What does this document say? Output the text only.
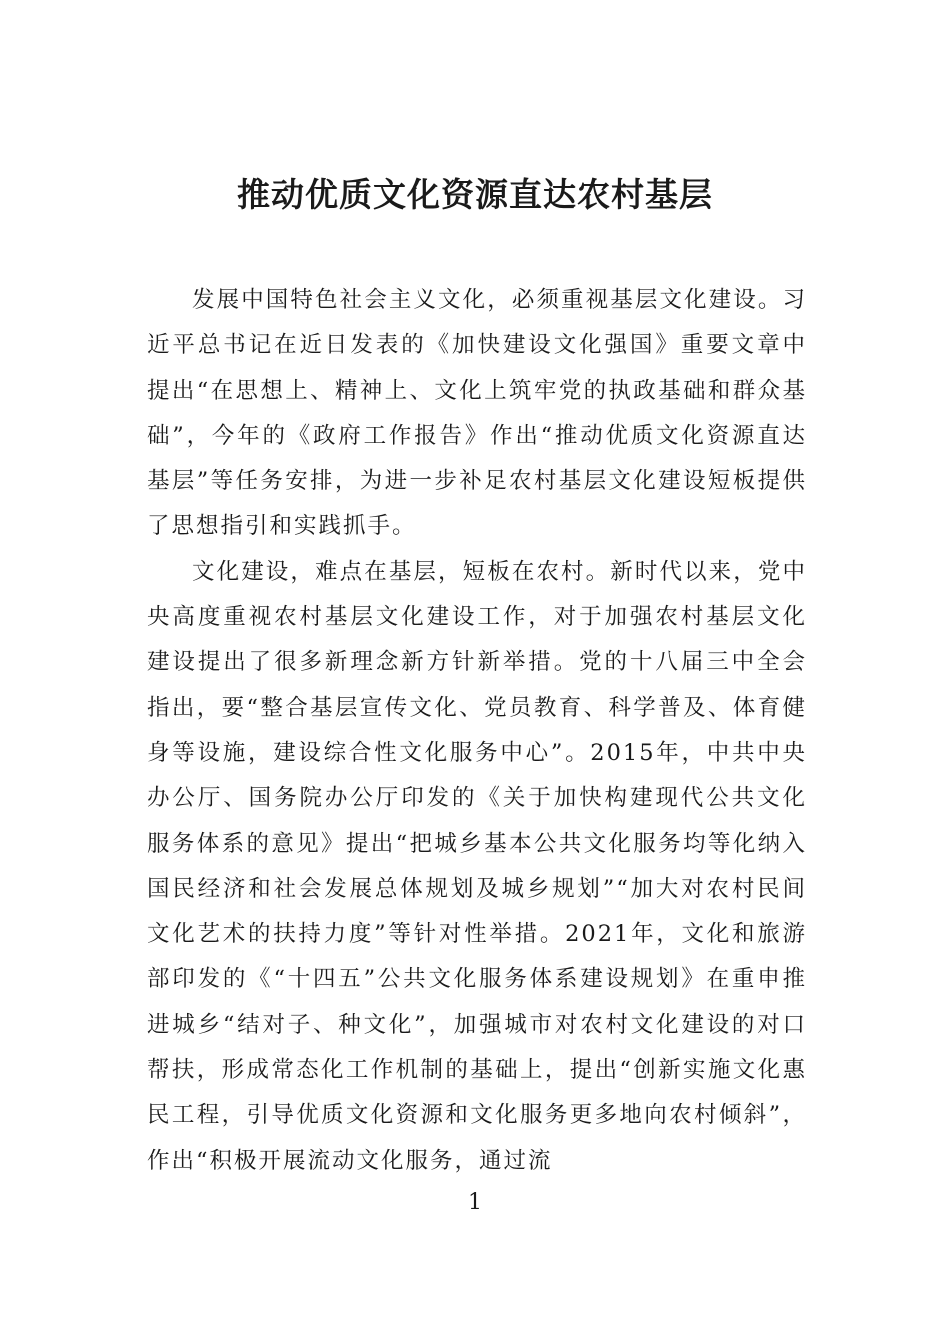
推动优质文化资源直达农村基层

发展中国特色社会主义文化，必须重视基层文化建设。习近平总书记在近日发表的《加快建设文化强国》重要文章中提出“在思想上、精神上、文化上筑牢党的执政基础和群众基础”，今年的《政府工作报告》作出“推动优质文化资源直达基层”等任务安排，为进一步补足农村基层文化建设短板提供了思想指引和实践抓手。

文化建设，难点在基层，短板在农村。新时代以来，党中央高度重视农村基层文化建设工作，对于加强农村基层文化建设提出了很多新理念新方针新举措。党的十八届三中全会指出，要“整合基层宣传文化、党员教育、科学普及、体育健身等设施，建设综合性文化服务中心”。2015年，中共中央办公厅、国务院办公厅印发的《关于加快构建现代公共文化服务体系的意见》提出“把城乡基本公共文化服务均等化纳入国民经济和社会发展总体规划及城乡规划”“加大对农村民间文化艺术的扶持力度”等针对性举措。2021年，文化和旅游部印发的《“十四五”公共文化服务体系建设规划》在重申推进城乡“结对子、种文化”，加强城市对农村文化建设的对口帮扶，形成常态化工作机制的基础上，提出“创新实施文化惠民工程，引导优质文化资源和文化服务更多地向农村倾斜”，作出“积极开展流动文化服务，通过流

1
